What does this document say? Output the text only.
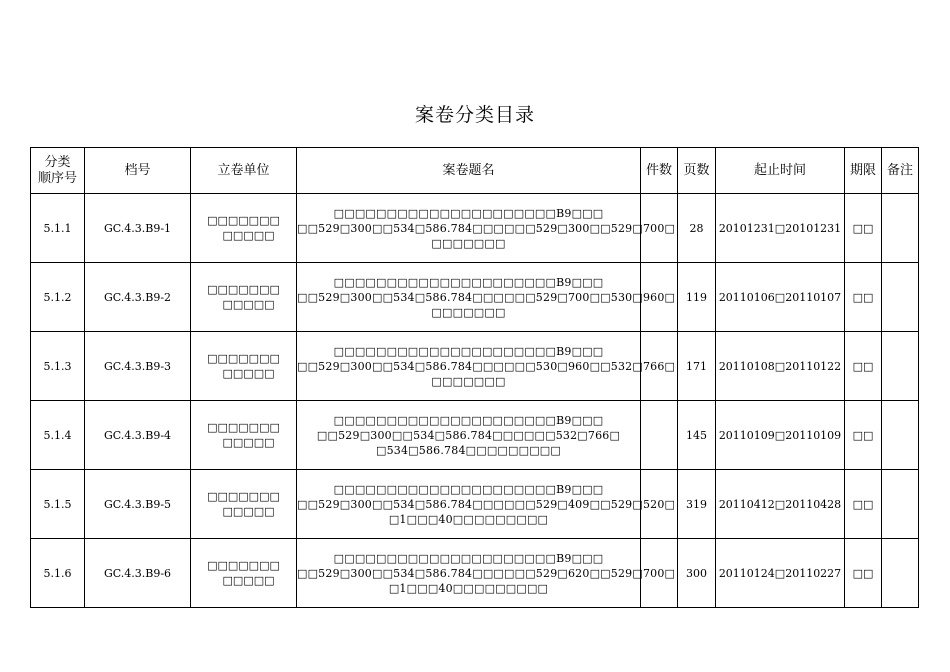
案卷分类目录
分类
顺序号	档号	立卷单位	案卷题名	件数	页数	起止时间	期限	备注
5.1.1	GC.4.3.B9-1	□□□□□□□
□□□□□	□□□□□□□□□□□□□□□□□□□□□B9□□□
□□529□300□□534□586.784□□□□□□529□300□□529□700□
□□□□□□□		28	20101231□20101231	□□	
5.1.2	GC.4.3.B9-2	□□□□□□□
□□□□□	□□□□□□□□□□□□□□□□□□□□□B9□□□
□□529□300□□534□586.784□□□□□□529□700□□530□960□
□□□□□□□		119	20110106□20110107	□□	
5.1.3	GC.4.3.B9-3	□□□□□□□
□□□□□	□□□□□□□□□□□□□□□□□□□□□B9□□□
□□529□300□□534□586.784□□□□□□530□960□□532□766□
□□□□□□□		171	20110108□20110122	□□	
5.1.4	GC.4.3.B9-4	□□□□□□□
□□□□□	□□□□□□□□□□□□□□□□□□□□□B9□□□
□□529□300□□534□586.784□□□□□□532□766□
□534□586.784□□□□□□□□□		145	20110109□20110109	□□	
5.1.5	GC.4.3.B9-5	□□□□□□□
□□□□□	□□□□□□□□□□□□□□□□□□□□□B9□□□
□□529□300□□534□586.784□□□□□□529□409□□529□520□
□1□□□40□□□□□□□□□		319	20110412□20110428	□□	
5.1.6	GC.4.3.B9-6	□□□□□□□
□□□□□	□□□□□□□□□□□□□□□□□□□□□B9□□□
□□529□300□□534□586.784□□□□□□529□620□□529□700□
□1□□□40□□□□□□□□□		300	20110124□20110227	□□	
